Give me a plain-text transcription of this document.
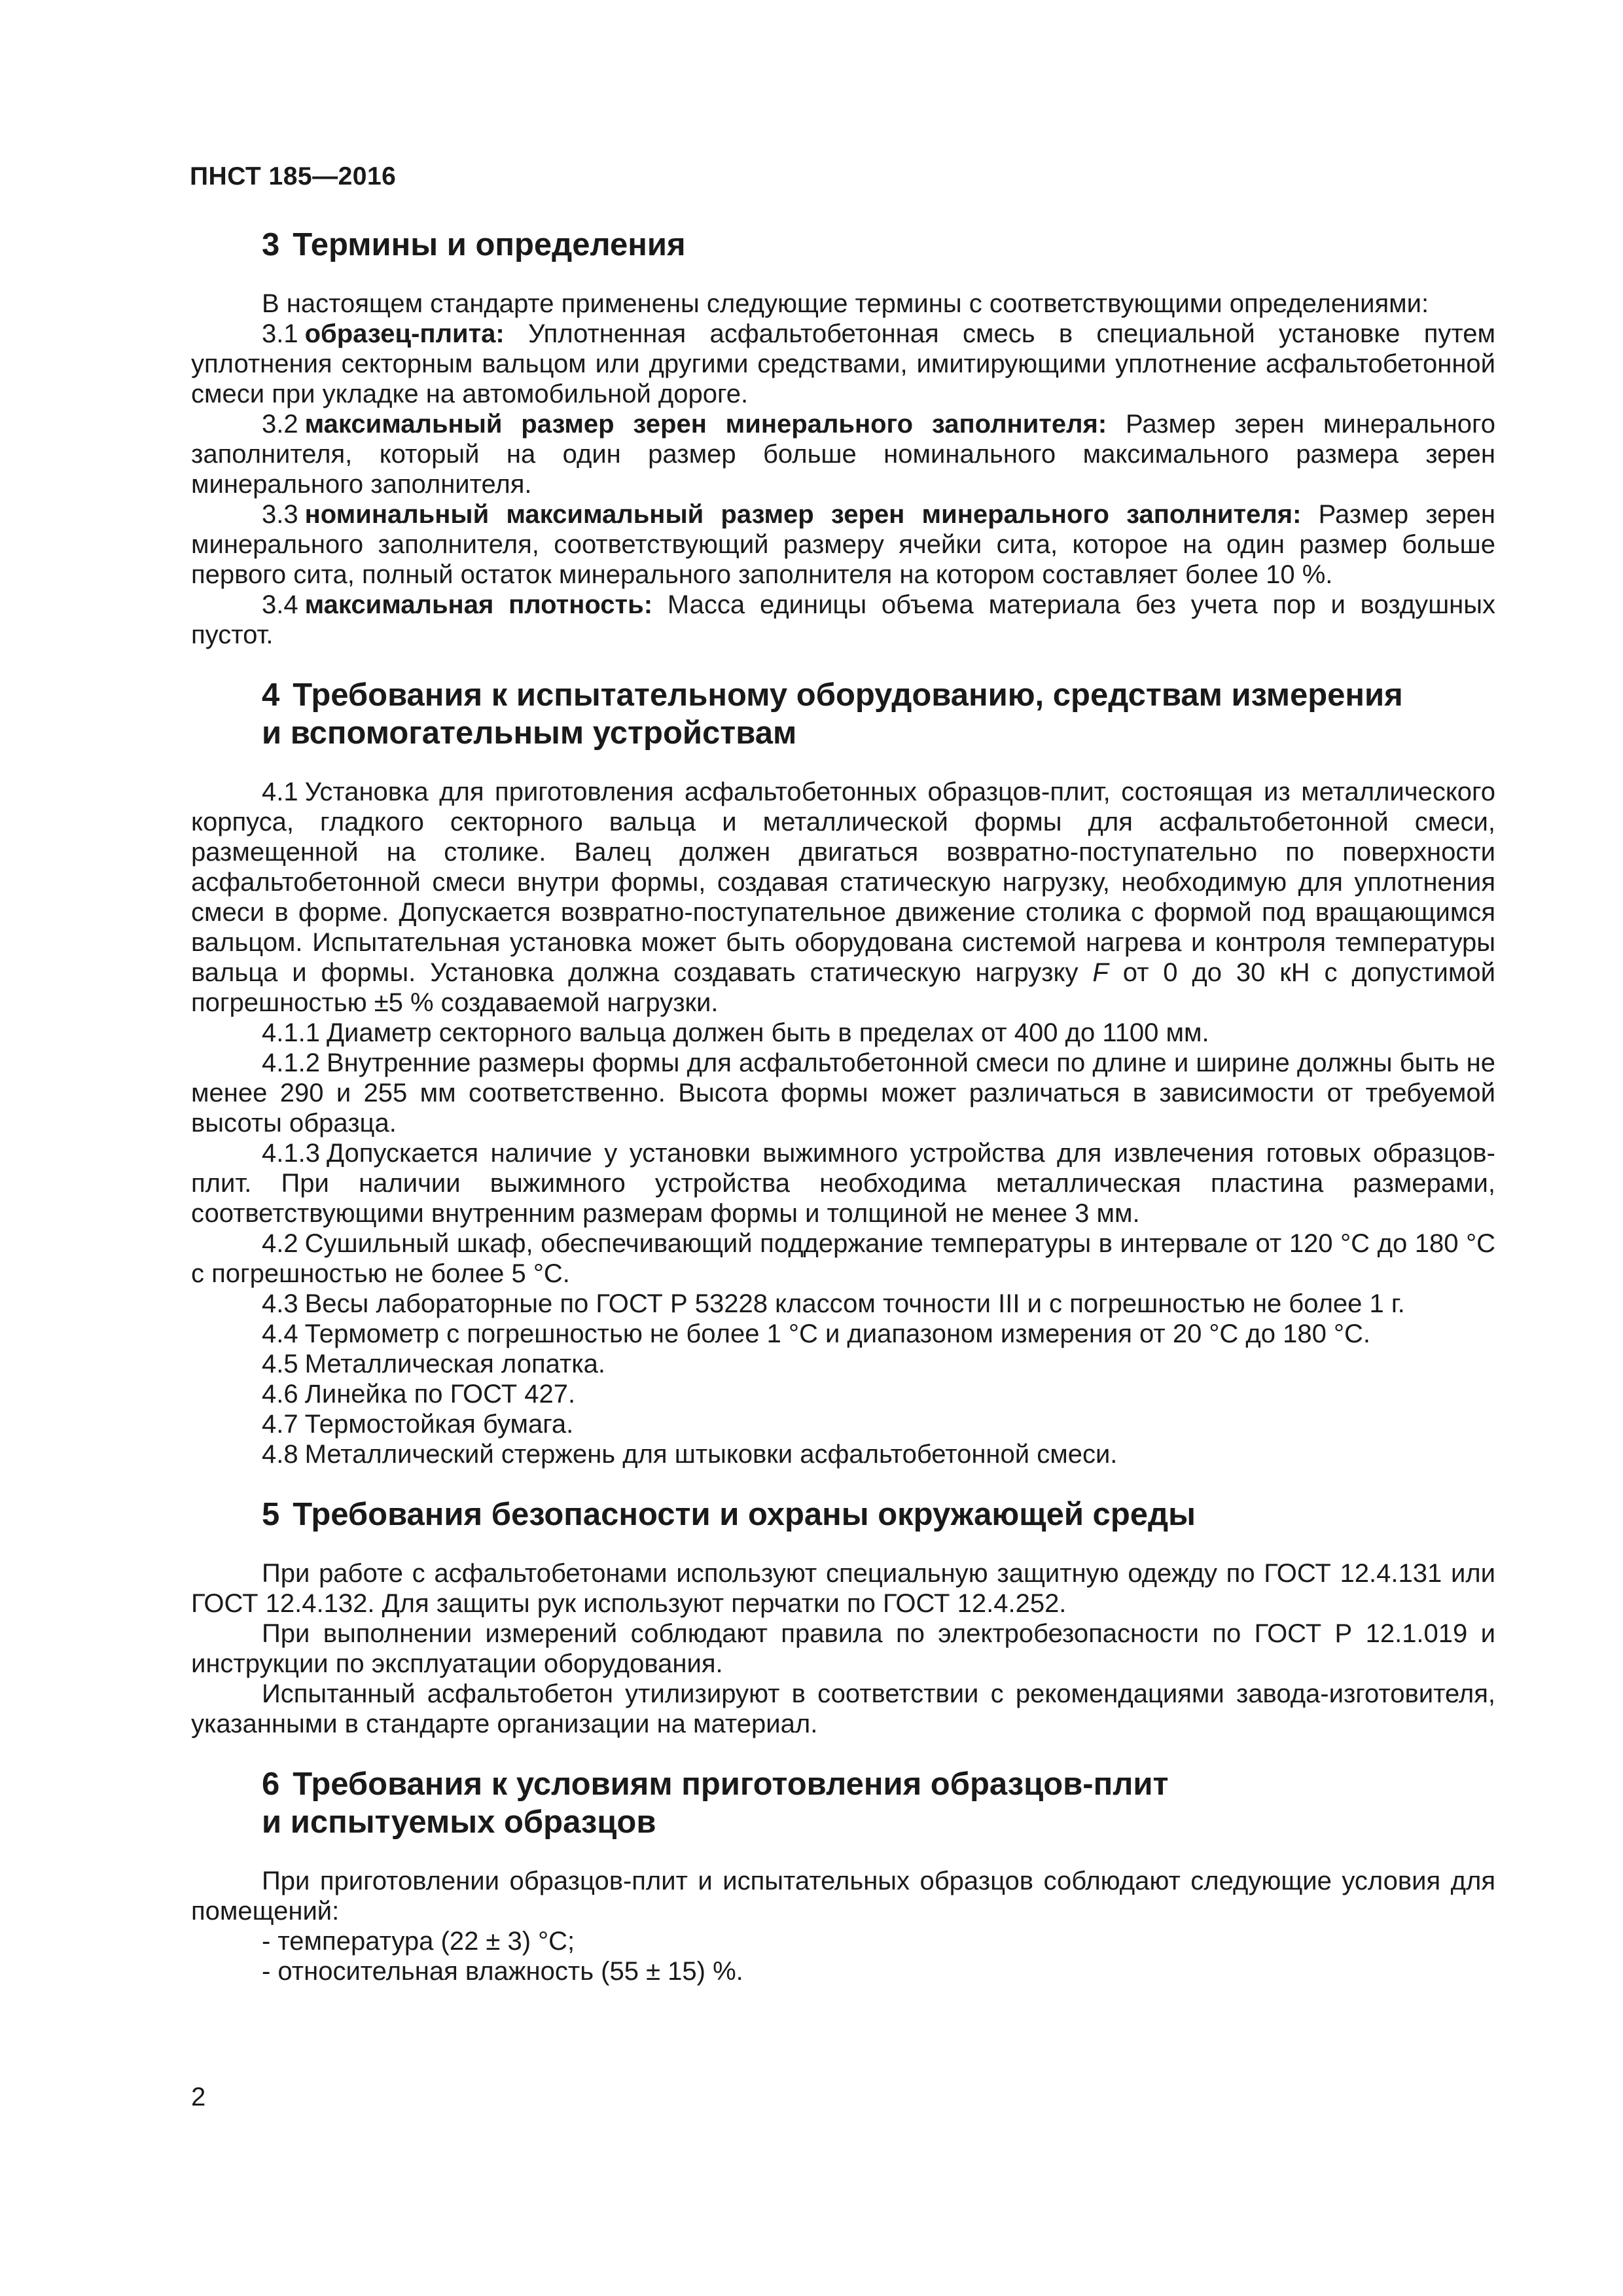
ПНСТ 185—2016
3 Термины и определения

В настоящем стандарте применены следующие термины с соответствующими определениями:

3.1 образец-плита: Уплотненная асфальтобетонная смесь в специальной установке путем уплотнения секторным вальцом или другими средствами, имитирующими уплотнение асфальтобетонной смеси при укладке на автомобильной дороге.

3.2 максимальный размер зерен минерального заполнителя: Размер зерен минерального заполнителя, который на один размер больше номинального максимального размера зерен минерального заполнителя.

3.3 номинальный максимальный размер зерен минерального заполнителя: Размер зерен минерального заполнителя, соответствующий размеру ячейки сита, которое на один размер больше первого сита, полный остаток минерального заполнителя на котором составляет более 10 %.

3.4 максимальная плотность: Масса единицы объема материала без учета пор и воздушных пустот.

4 Требования к испытательному оборудованию, средствам измерения
и вспомогательным устройствам

4.1 Установка для приготовления асфальтобетонных образцов-плит, состоящая из металлического корпуса, гладкого секторного вальца и металлической формы для асфальтобетонной смеси, размещенной на столике. Валец должен двигаться возвратно-поступательно по поверхности асфальтобетонной смеси внутри формы, создавая статическую нагрузку, необходимую для уплотнения смеси в форме. Допускается возвратно-поступательное движение столика с формой под вращающимся вальцом. Испытательная установка может быть оборудована системой нагрева и контроля температуры вальца и формы. Установка должна создавать статическую нагрузку F от 0 до 30 кН с допустимой погрешностью ±5 % создаваемой нагрузки.

4.1.1 Диаметр секторного вальца должен быть в пределах от 400 до 1100 мм.

4.1.2 Внутренние размеры формы для асфальтобетонной смеси по длине и ширине должны быть не менее 290 и 255 мм соответственно. Высота формы может различаться в зависимости от требуемой высоты образца.

4.1.3 Допускается наличие у установки выжимного устройства для извлечения готовых образцов-плит. При наличии выжимного устройства необходима металлическая пластина размерами, соответствующими внутренним размерам формы и толщиной не менее 3 мм.

4.2 Сушильный шкаф, обеспечивающий поддержание температуры в интервале от 120 °С до 180 °С с погрешностью не более 5 °С.

4.3 Весы лабораторные по ГОСТ Р 53228 классом точности III и с погрешностью не более 1 г.

4.4 Термометр с погрешностью не более 1 °С и диапазоном измерения от 20 °С до 180 °С.

4.5 Металлическая лопатка.

4.6 Линейка по ГОСТ 427.

4.7 Термостойкая бумага.

4.8 Металлический стержень для штыковки асфальтобетонной смеси.

5 Требования безопасности и охраны окружающей среды

При работе с асфальтобетонами используют специальную защитную одежду по ГОСТ 12.4.131 или ГОСТ 12.4.132. Для защиты рук используют перчатки по ГОСТ 12.4.252.

При выполнении измерений соблюдают правила по электробезопасности по ГОСТ Р 12.1.019 и инструкции по эксплуатации оборудования.

Испытанный асфальтобетон утилизируют в соответствии с рекомендациями завода-изготовителя, указанными в стандарте организации на материал.

6 Требования к условиям приготовления образцов-плит
и испытуемых образцов

При приготовлении образцов-плит и испытательных образцов соблюдают следующие условия для помещений:

- температура (22 ± 3) °С;

- относительная влажность (55 ± 15) %.

2
